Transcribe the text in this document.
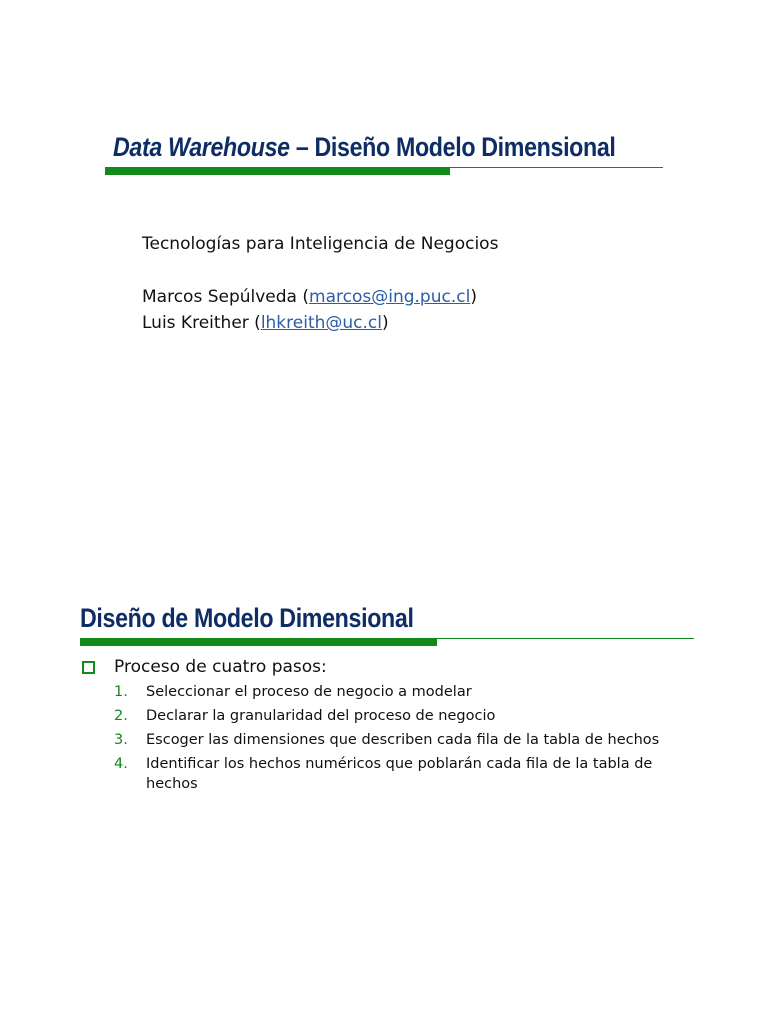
Data Warehouse – Diseño Modelo Dimensional

Tecnologías para Inteligencia de Negocios

Marcos Sepúlveda (marcos@ing.puc.cl)

Luis Kreither (lhkreith@uc.cl)

Diseño de Modelo Dimensional

Proceso de cuatro pasos:

1. Seleccionar el proceso de negocio a modelar
2. Declarar la granularidad del proceso de negocio
3. Escoger las dimensiones que describen cada fila de la tabla de hechos
4. Identificar los hechos numéricos que poblarán cada fila de la tabla de hechos
